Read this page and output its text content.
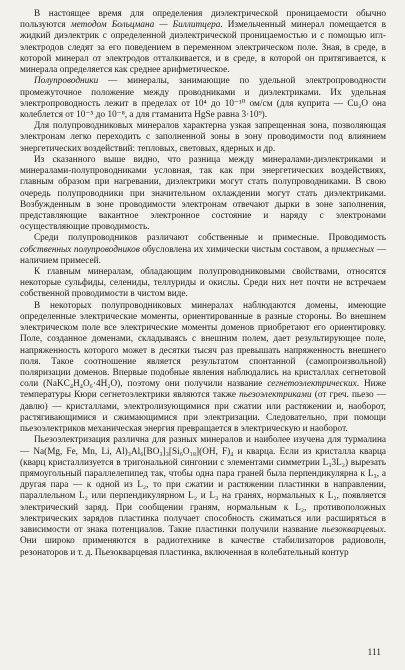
В настоящее время для определения диэлектрической проницаемости обычно пользуются методом Больцмана — Биллитцера. Измельченный минерал помещается в жидкий диэлектрик с определенной диэлектрической проницаемостью и с помощью игл-электродов следят за его поведением в переменном электрическом поле. Зная, в среде, в которой минерал от электродов отталкивается, и в среде, в которой он притягивается, к минерала определяется как среднее арифметическое.

Полупроводники — минералы, занимающие по удельной электропроводности промежуточное положение между проводниками и диэлектриками. Их удельная электропроводность лежит в пределах от 10⁴ до 10⁻¹⁰ ом/см (для куприта — Cu₂O она колеблется от 10⁻⁵ до 10⁻⁸, а для гтаманита HgSe равна 3·10⁹).

Для полупроводниковых минералов характерна узкая запрещенная зона, позволяющая электронам легко переходить с заполненной зоны в зону проводимости под влиянием энергетических воздействий: тепловых, световых, ядерных и др.

Из сказанного выше видно, что разница между минералами-диэлектриками и минералами-полупроводниками условная, так как при энергетических воздействиях, главным образом при нагревании, диэлектрики могут стать полупроводниками. В свою очередь полупроводники при значительном охлаждении могут стать диэлектриками. Возбужденным в зоне проводимости электронам отвечают дырки в зоне заполнения, представляющие вакантное электронное состояние и наряду с электронами осуществляющие проводимость.

Среди полупроводников различают собственные и примесные. Проводимость собственных полупроводников обусловлена их химически чистым составом, а примесных — наличием примесей.

К главным минералам, обладающим полупроводниковыми свойствами, относятся некоторые сульфиды, селениды, теллуриды и окислы. Среди них нет почти не встречаем собственной проводимости в чистом виде.

В некоторых полупроводниковых минералах наблюдаются домены, имеющие определенные электрические моменты, ориентированные в разные стороны. Во внешнем электрическом поле все электрические моменты доменов приобретают его ориентировку. Поле, созданное доменами, складываясь с внешним полем, дает результирующее поле, напряженность которого может в десятки тысяч раз превышать напряженность внешнего поля. Такое соотношение является результатом спонтанной (самопроизвольной) поляризации доменов. Впервые подобные явления наблюдались на кристаллах сегнетовой соли (NaKC₄H₄O₆·4H₂O), поэтому они получили название сегнетоэлектрических. Ниже температуры Кюри сегнетоэлектрики являются также пьезоэлектриками (от греч. пьезо — давлю) — кристаллами, электролизующимися при сжатии или растяжении и, наоборот, растягивающимися и сжимающимися при электризации. Следовательно, при помощи пьезоэлектриков механическая энергия превращается в электрическую и наоборот.

Пьезоэлектризация различна для разных минералов и наиболее изучена для турмалина — Na(Mg, Fe, Mn, Li, Al)₃Al₆[BO₃]₃[Si₆O₁₈](OH, F)₄ и кварца. Если из кристалла кварца (кварц кристаллизуется в тригональной сингонии с элементами симметрии L₃3L₂) вырезать прямоугольный параллелепипед так, чтобы одна пара граней была перпендикулярна к L₃, а другая пара — к одной из L₂, то при сжатии и растяжении пластинки в направлении, параллельном L₂ или перпендикулярном L₂ и L₃ на гранях, нормальных к L₂, появляется электрический заряд. При сообщении граням, нормальным к L₂, противоположных электрических зарядов пластинка получает способность сжиматься или расширяться в зависимости от знака потенциалов. Такие пластинки получили название пьезокварцевых. Они широко применяются в радиотехнике в качестве стабилизаторов радиоволн, резонаторов и т. д. Пьезокварцевая пластинка, включенная в колебательный контур

111
